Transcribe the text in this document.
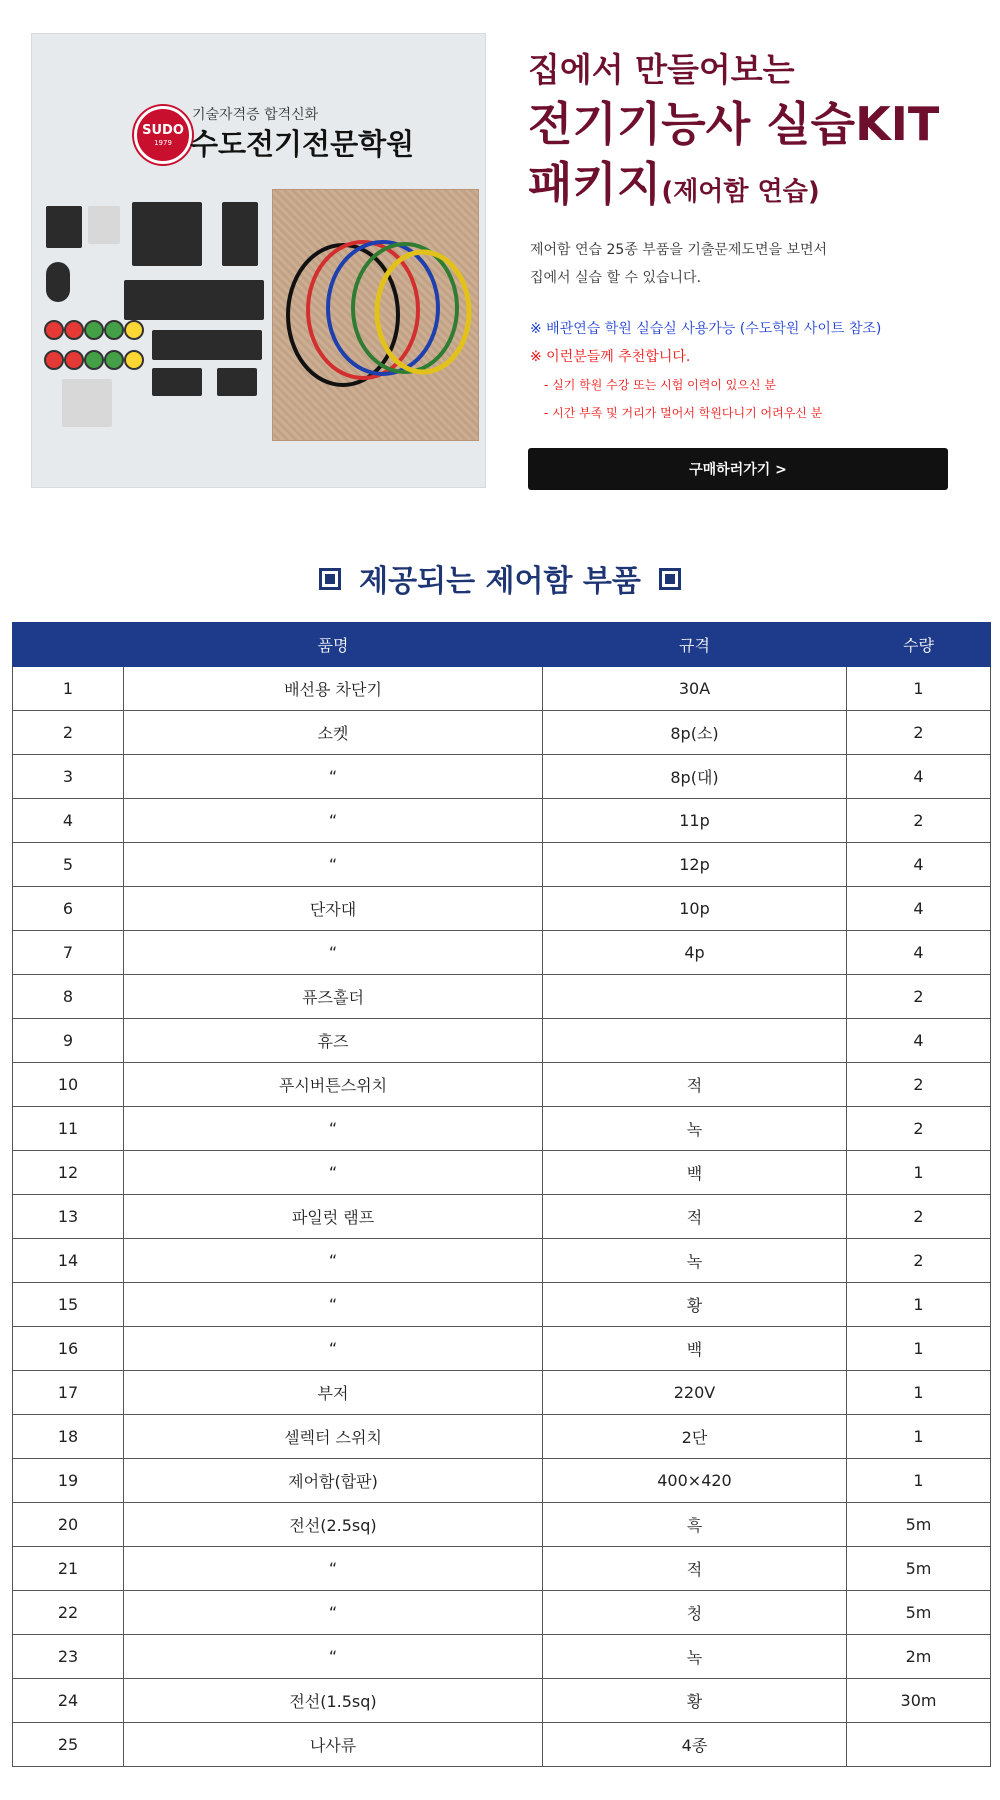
SUDO
1979
기술자격증 합격신화
수도전기전문학원
집에서 만들어보는
전기기능사 실습KIT
패키지(제어함 연습)
제어함 연습 25종 부품을 기출문제도면을 보면서
집에서 실습 할 수 있습니다.
※ 배관연습 학원 실습실 사용가능 (수도학원 사이트 참조)
※ 이런분들께 추천합니다.
- 실기 학원 수강 또는 시험 이력이 있으신 분
- 시간 부족 및 거리가 멀어서 학원다니기 어려우신 분
구매하러가기 >
제공되는 제어함 부품
	품명	규격	수량
1	배선용 차단기	30A	1
2	소켓	8p(소)	2
3	“	8p(대)	4
4	“	11p	2
5	“	12p	4
6	단자대	10p	4
7	“	4p	4
8	퓨즈홀더		2
9	휴즈		4
10	푸시버튼스위치	적	2
11	“	녹	2
12	“	백	1
13	파일럿 램프	적	2
14	“	녹	2
15	“	황	1
16	“	백	1
17	부저	220V	1
18	셀렉터 스위치	2단	1
19	제어함(합판)	400×420	1
20	전선(2.5sq)	흑	5m
21	“	적	5m
22	“	청	5m
23	“	녹	2m
24	전선(1.5sq)	황	30m
25	나사류	4종	
